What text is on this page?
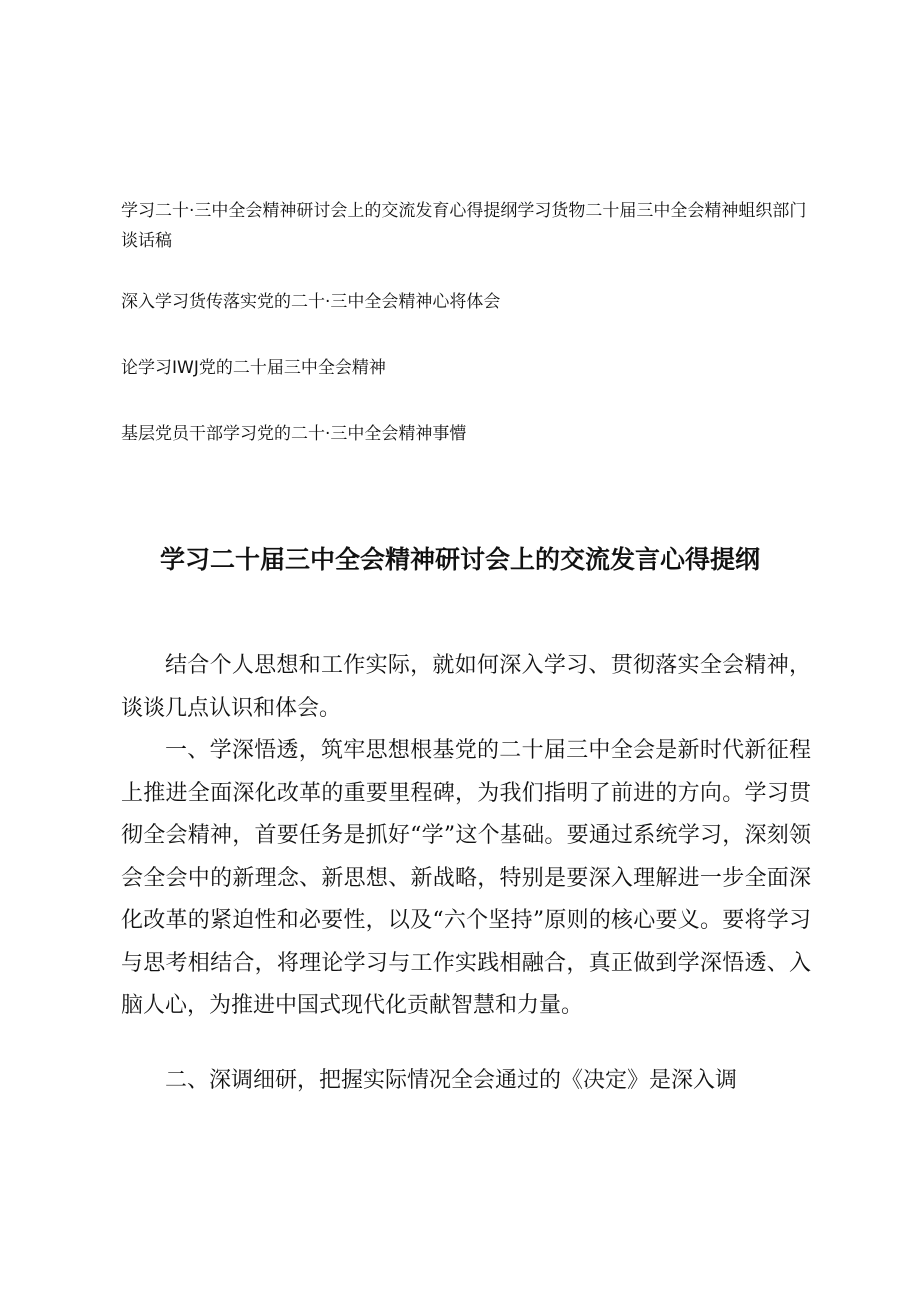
学习二十·三中全会精神研讨会上的交流发育心得提纲学习货物二十届三中全会精神蛆织部门谈话稿

深入学习货传落实党的二十·三中全会精神心将体会

论学习IWJ党的二十届三中全会精神

基层党员干部学习党的二十·三中全会精神事懵

学习二十届三中全会精神研讨会上的交流发言心得提纲

结合个人思想和工作实际，就如何深入学习、贯彻落实全会精神，谈谈几点认识和体会。

一、学深悟透，筑牢思想根基党的二十届三中全会是新时代新征程上推进全面深化改革的重要里程碑，为我们指明了前进的方向。学习贯彻全会精神，首要任务是抓好“学”这个基础。要通过系统学习，深刻领会全会中的新理念、新思想、新战略，特别是要深入理解进一步全面深化改革的紧迫性和必要性，以及“六个坚持”原则的核心要义。要将学习与思考相结合，将理论学习与工作实践相融合，真正做到学深悟透、入脑人心，为推进中国式现代化贡献智慧和力量。

二、深调细研，把握实际情况全会通过的《决定》是深入调
